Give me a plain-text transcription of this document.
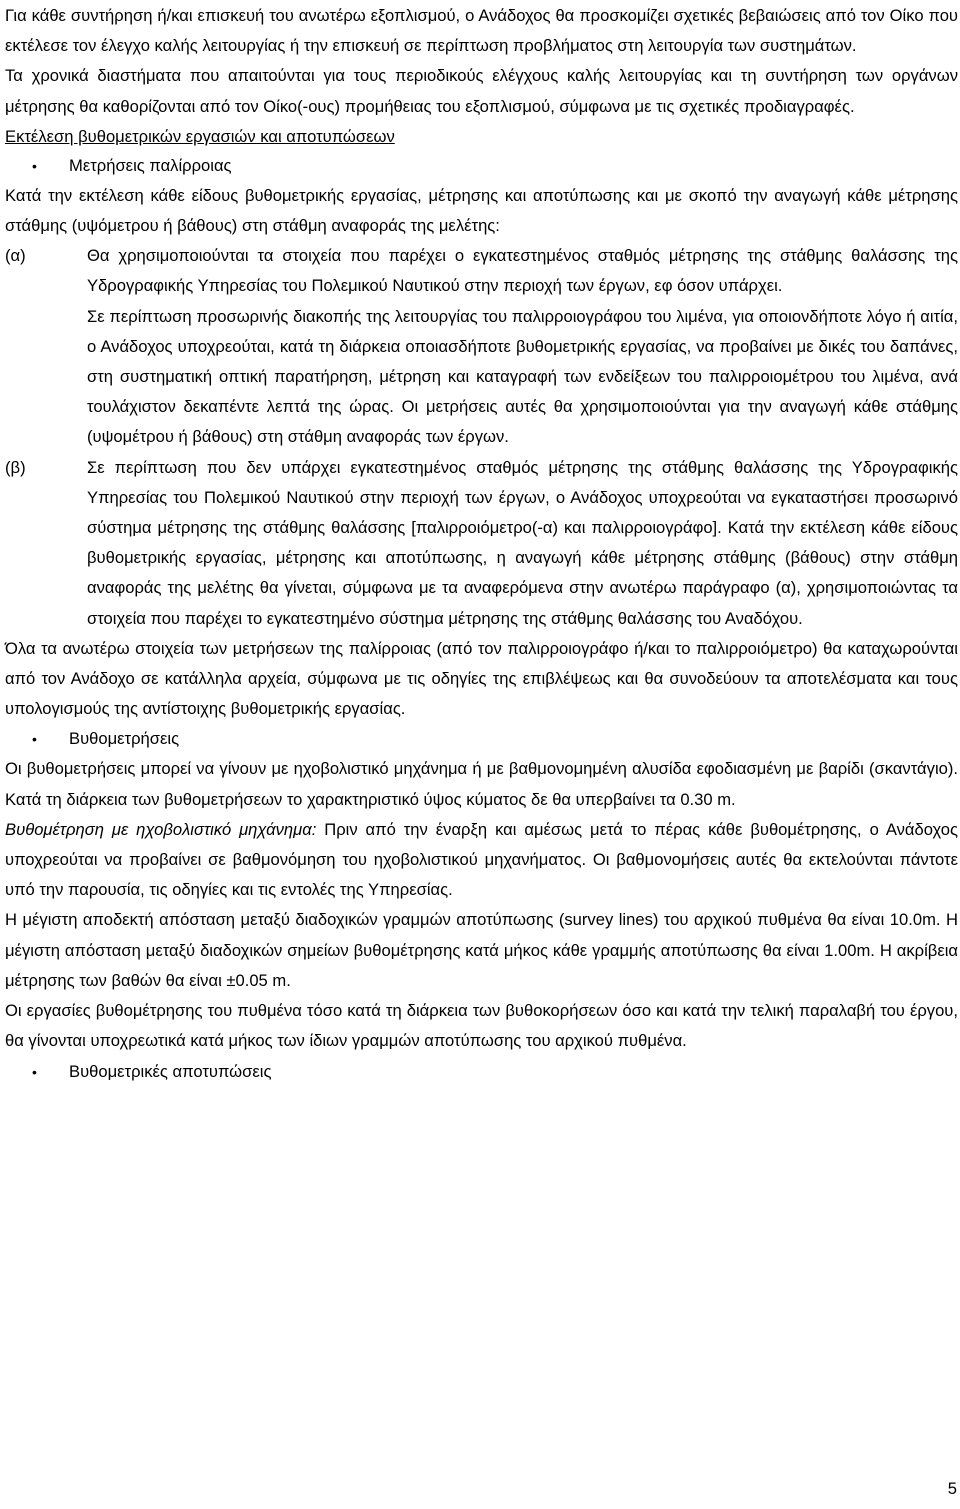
Για κάθε συντήρηση ή/και επισκευή του ανωτέρω εξοπλισμού, ο Ανάδοχος θα προσκομίζει σχετικές βεβαιώσεις από τον Οίκο που εκτέλεσε τον έλεγχο καλής λειτουργίας ή την επισκευή σε περίπτωση προβλήματος στη λειτουργία των συστημάτων.

Τα χρονικά διαστήματα που απαιτούνται για τους περιοδικούς ελέγχους καλής λειτουργίας και τη συντήρηση των οργάνων μέτρησης θα καθορίζονται από τον Οίκο(-ους) προμήθειας του εξοπλισμού, σύμφωνα με τις σχετικές προδιαγραφές.

Εκτέλεση βυθομετρικών εργασιών και αποτυπώσεων

•	Μετρήσεις παλίρροιας

Κατά την εκτέλεση κάθε είδους βυθομετρικής εργασίας, μέτρησης και αποτύπωσης και με σκοπό την αναγωγή κάθε μέτρησης στάθμης (υψόμετρου ή βάθους) στη στάθμη αναφοράς της μελέτης:

(α)	Θα χρησιμοποιούνται τα στοιχεία που παρέχει ο εγκατεστημένος σταθμός μέτρησης της στάθμης θαλάσσης της Υδρογραφικής Υπηρεσίας του Πολεμικού Ναυτικού στην περιοχή των έργων, εφ όσον υπάρχει.

Σε περίπτωση προσωρινής διακοπής της λειτουργίας του παλιρροιογράφου του λιμένα, για οποιονδήποτε λόγο ή αιτία, ο Ανάδοχος υποχρεούται, κατά τη διάρκεια οποιασδήποτε βυθομετρικής εργασίας, να προβαίνει με δικές του δαπάνες, στη συστηματική οπτική παρατήρηση, μέτρηση και καταγραφή των ενδείξεων του παλιρροιομέτρου του λιμένα, ανά τουλάχιστον δεκαπέντε λεπτά της ώρας. Οι μετρήσεις αυτές θα χρησιμοποιούνται για την αναγωγή κάθε στάθμης (υψομέτρου ή βάθους) στη στάθμη αναφοράς των έργων.

(β)	Σε περίπτωση που δεν υπάρχει εγκατεστημένος σταθμός μέτρησης της στάθμης θαλάσσης της Υδρογραφικής Υπηρεσίας του Πολεμικού Ναυτικού στην περιοχή των έργων, ο Ανάδοχος υποχρεούται να εγκαταστήσει προσωρινό σύστημα μέτρησης της στάθμης θαλάσσης [παλιρροιόμετρο(-α) και παλιρροιογράφο]. Κατά την εκτέλεση κάθε είδους βυθομετρικής εργασίας, μέτρησης και αποτύπωσης, η αναγωγή κάθε μέτρησης στάθμης (βάθους) στην στάθμη αναφοράς της μελέτης θα γίνεται, σύμφωνα με τα αναφερόμενα στην ανωτέρω παράγραφο (α), χρησιμοποιώντας τα στοιχεία που παρέχει το εγκατεστημένο σύστημα μέτρησης της στάθμης θαλάσσης του Αναδόχου.

Όλα τα ανωτέρω στοιχεία των μετρήσεων της παλίρροιας (από τον παλιρροιογράφο ή/και το παλιρροιόμετρο) θα καταχωρούνται από τον Ανάδοχο σε κατάλληλα αρχεία, σύμφωνα με τις οδηγίες της επιβλέψεως και θα συνοδεύουν τα αποτελέσματα και τους υπολογισμούς της αντίστοιχης βυθομετρικής εργασίας.

•	Βυθομετρήσεις

Οι βυθομετρήσεις μπορεί να γίνουν με ηχοβολιστικό μηχάνημα ή με βαθμονομημένη αλυσίδα εφοδιασμένη με βαρίδι (σκαντάγιο). Κατά τη διάρκεια των βυθομετρήσεων το χαρακτηριστικό ύψος κύματος δε θα υπερβαίνει τα 0.30 m.

Βυθομέτρηση με ηχοβολιστικό μηχάνημα: Πριν από την έναρξη και αμέσως μετά το πέρας κάθε βυθομέτρησης, ο Ανάδοχος υποχρεούται να προβαίνει σε βαθμονόμηση του ηχοβολιστικού μηχανήματος. Οι βαθμονομήσεις αυτές θα εκτελούνται πάντοτε υπό την παρουσία, τις οδηγίες και τις εντολές της Υπηρεσίας.

Η μέγιστη αποδεκτή απόσταση μεταξύ διαδοχικών γραμμών αποτύπωσης (survey lines) του αρχικού πυθμένα θα είναι 10.0m. Η μέγιστη απόσταση μεταξύ διαδοχικών σημείων βυθομέτρησης κατά μήκος κάθε γραμμής αποτύπωσης θα είναι 1.00m. Η ακρίβεια μέτρησης των βαθών θα είναι ±0.05 m.

Οι εργασίες βυθομέτρησης του πυθμένα τόσο κατά τη διάρκεια των βυθοκορήσεων όσο και κατά την τελική παραλαβή του έργου, θα γίνονται υποχρεωτικά κατά μήκος των ίδιων γραμμών αποτύπωσης του αρχικού πυθμένα.

•	Βυθομετρικές αποτυπώσεις
5
